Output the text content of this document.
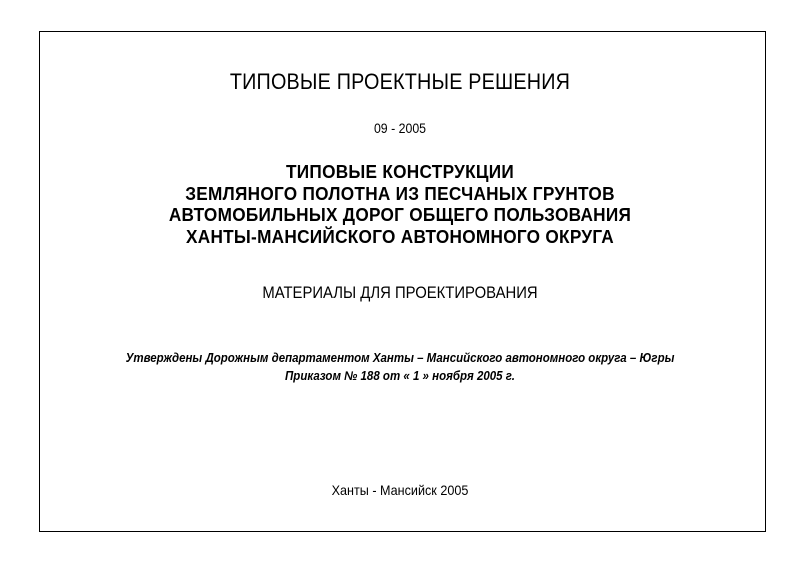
ТИПОВЫЕ ПРОЕКТНЫЕ РЕШЕНИЯ
09 - 2005
ТИПОВЫЕ КОНСТРУКЦИИ
ЗЕМЛЯНОГО ПОЛОТНА ИЗ ПЕСЧАНЫХ ГРУНТОВ
АВТОМОБИЛЬНЫХ ДОРОГ ОБЩЕГО ПОЛЬЗОВАНИЯ
ХАНТЫ-МАНСИЙСКОГО АВТОНОМНОГО ОКРУГА
МАТЕРИАЛЫ ДЛЯ ПРОЕКТИРОВАНИЯ
Утверждены Дорожным департаментом Ханты – Мансийского автономного округа – Югры
Приказом № 188 от « 1 » ноября 2005 г.
Ханты - Мансийск 2005
